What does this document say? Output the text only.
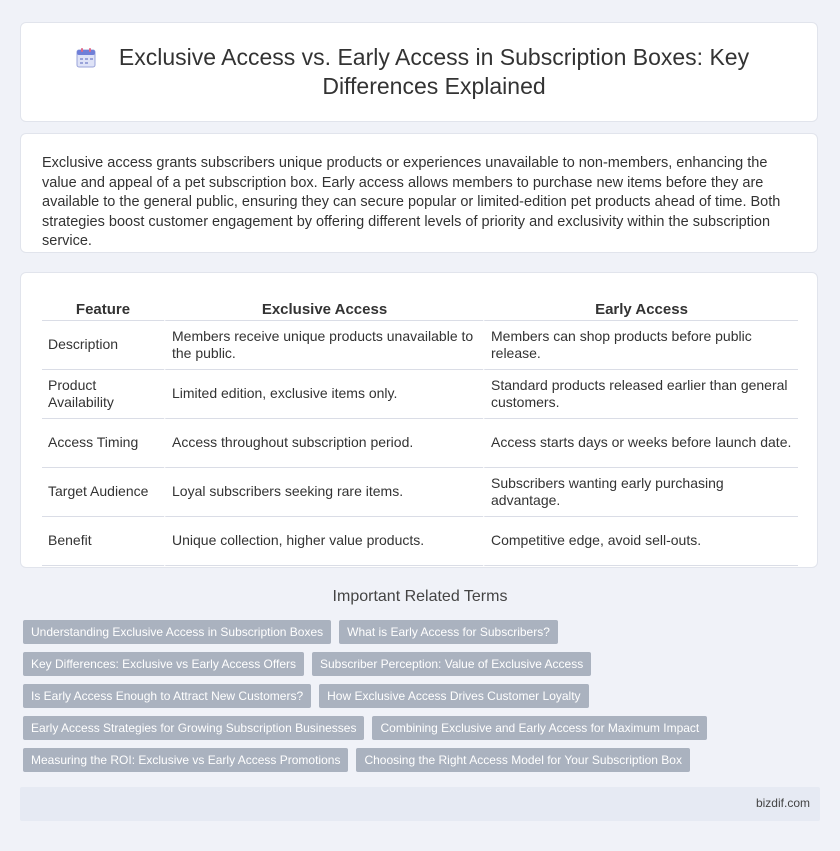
Exclusive Access vs. Early Access in Subscription Boxes: Key Differences Explained

Exclusive access grants subscribers unique products or experiences unavailable to non-members, enhancing the value and appeal of a pet subscription box. Early access allows members to purchase new items before they are available to the general public, ensuring they can secure popular or limited-edition pet products ahead of time. Both strategies boost customer engagement by offering different levels of priority and exclusivity within the subscription service.

Feature	Exclusive Access	Early Access
Description	Members receive unique products unavailable to the public.	Members can shop products before public release.
Product Availability	Limited edition, exclusive items only.	Standard products released earlier than general customers.
Access Timing	Access throughout subscription period.	Access starts days or weeks before launch date.
Target Audience	Loyal subscribers seeking rare items.	Subscribers wanting early purchasing advantage.
Benefit	Unique collection, higher value products.	Competitive edge, avoid sell-outs.
Important Related Terms
Understanding Exclusive Access in Subscription Boxes	What is Early Access for Subscribers?
Key Differences: Exclusive vs Early Access Offers	Subscriber Perception: Value of Exclusive Access
Is Early Access Enough to Attract New Customers?	How Exclusive Access Drives Customer Loyalty
Early Access Strategies for Growing Subscription Businesses	Combining Exclusive and Early Access for Maximum Impact
Measuring the ROI: Exclusive vs Early Access Promotions	Choosing the Right Access Model for Your Subscription Box
bizdif.com
